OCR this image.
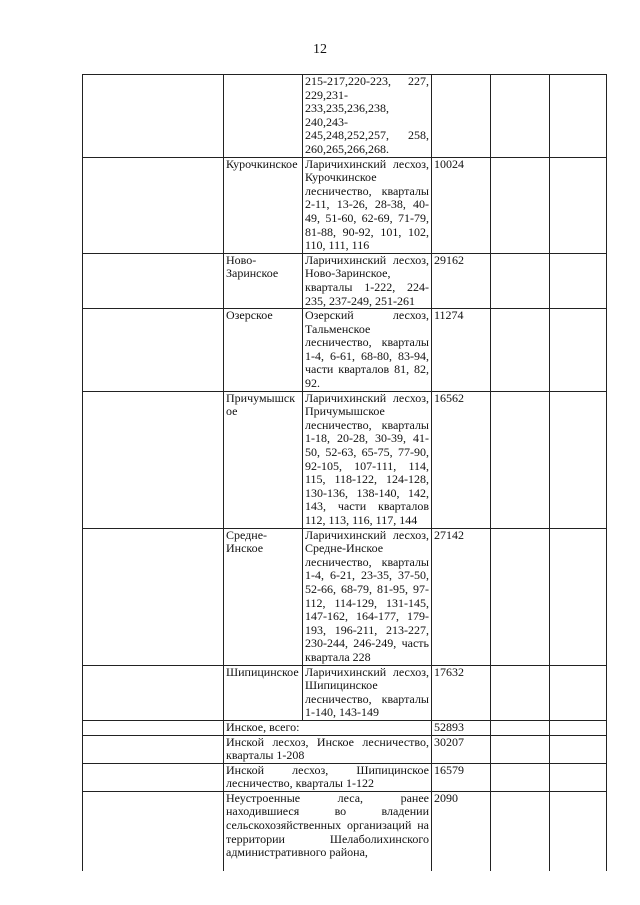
12
		215-217,220-223, 227, 229,231-233,235,236,238, 240,243-245,248,252,257, 258, 260,265,266,268.			
	Курочкинское	Ларичихинский лесхоз, Курочкинское лесничество, кварталы 2-11, 13-26, 28-38, 40-49, 51-60, 62-69, 71-79, 81-88, 90-92, 101, 102, 110, 111, 116	10024		
	Ново-Заринское	Ларичихинский лесхоз, Ново-Заринское, кварталы 1-222, 224-235, 237-249, 251-261	29162		
	Озерское	Озерский лесхоз, Тальменское лесничество, кварталы 1-4, 6-61, 68-80, 83-94, части кварталов 81, 82, 92.	11274		
	Причумышское	Ларичихинский лесхоз, Причумышское лесничество, кварталы 1-18, 20-28, 30-39, 41-50, 52-63, 65-75, 77-90, 92-105, 107-111, 114, 115, 118-122, 124-128, 130-136, 138-140, 142, 143, части кварталов 112, 113, 116, 117, 144	16562		
	Средне-Инское	Ларичихинский лесхоз, Средне-Инское лесничество, кварталы 1-4, 6-21, 23-35, 37-50, 52-66, 68-79, 81-95, 97-112, 114-129, 131-145, 147-162, 164-177, 179-193, 196-211, 213-227, 230-244, 246-249, часть квартала 228	27142		
	Шипицинское	Ларичихинский лесхоз, Шипицинское лесничество, кварталы 1-140, 143-149	17632		
	Инское, всего:		52893		
	Инской лесхоз, Инское лесничество, кварталы 1-208		30207		
	Инской лесхоз, Шипицинское лесничество, кварталы 1-122		16579		
	Неустроенные леса, ранее находившиеся во владении сельскохозяйственных организаций на территории Шелаболихинского административного района,		2090		
